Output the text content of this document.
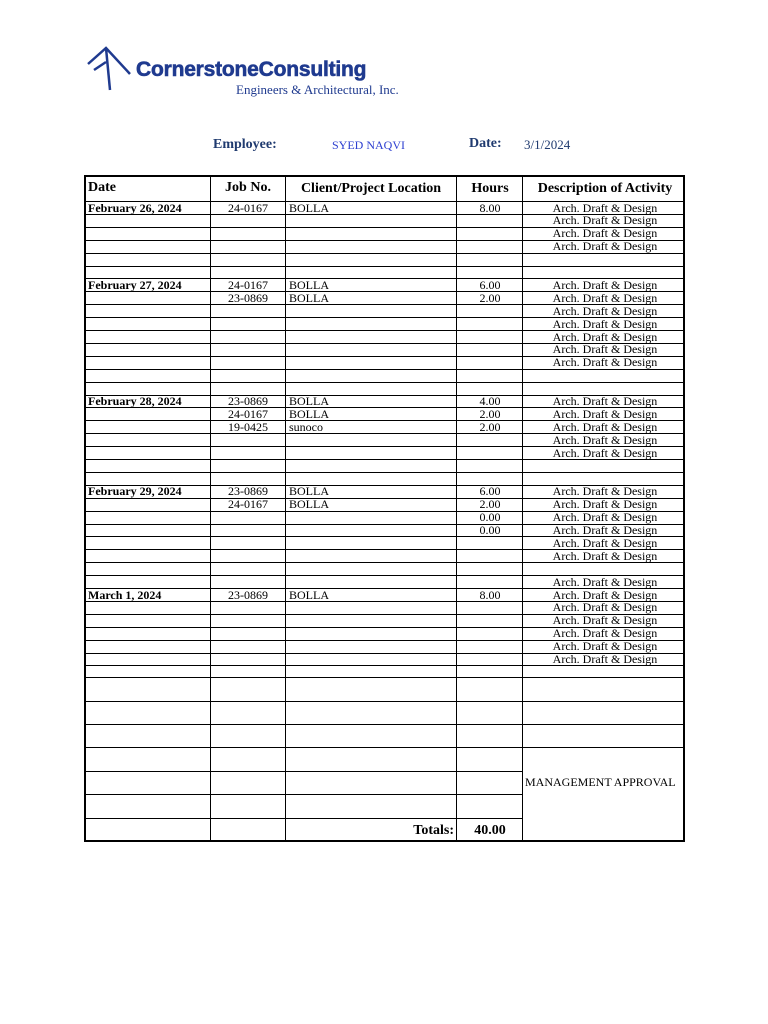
CornerstoneConsulting
Engineers & Architectural, Inc.
Employee:	SYED NAQVI	Date: 3/1/2024
Date	Job No.	Client/Project Location	Hours	Description of Activity
February 26, 2024	24-0167	BOLLA	8.00	Arch. Draft & Design
Arch. Draft & Design
Arch. Draft & Design
Arch. Draft & Design
February 27, 2024	24-0167	BOLLA	6.00	Arch. Draft & Design
23-0869	BOLLA	2.00	Arch. Draft & Design
Arch. Draft & Design
Arch. Draft & Design
Arch. Draft & Design
Arch. Draft & Design
Arch. Draft & Design
February 28, 2024	23-0869	BOLLA	4.00	Arch. Draft & Design
24-0167	BOLLA	2.00	Arch. Draft & Design
19-0425	sunoco	2.00	Arch. Draft & Design
Arch. Draft & Design
Arch. Draft & Design
February 29, 2024	23-0869	BOLLA	6.00	Arch. Draft & Design
24-0167	BOLLA	2.00	Arch. Draft & Design
0.00	Arch. Draft & Design
0.00	Arch. Draft & Design
Arch. Draft & Design
Arch. Draft & Design
Arch. Draft & Design
March 1, 2024	23-0869	BOLLA	8.00	Arch. Draft & Design
Arch. Draft & Design
Arch. Draft & Design
Arch. Draft & Design
Arch. Draft & Design
Arch. Draft & Design
MANAGEMENT APPROVAL
Totals:	40.00
